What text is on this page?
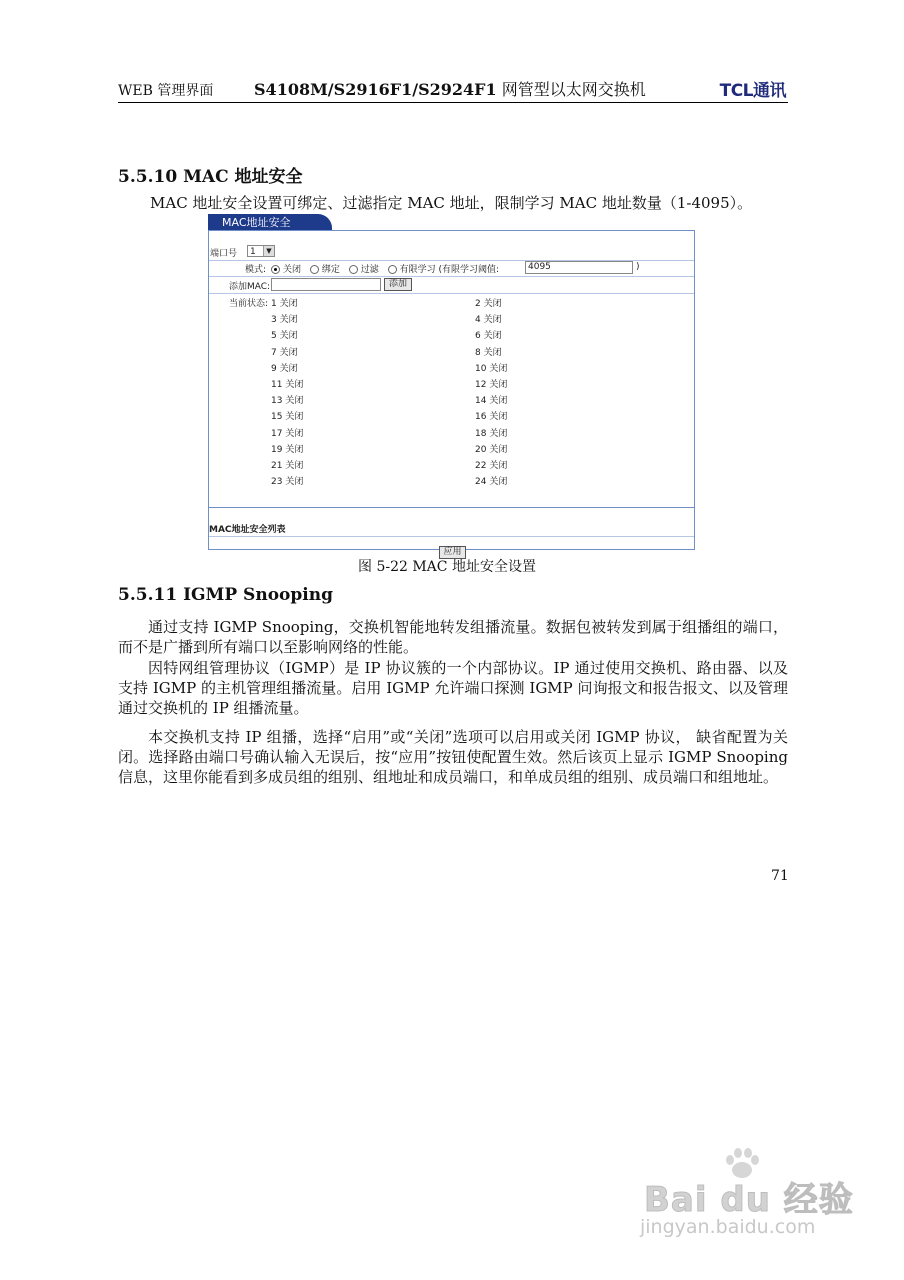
WEB 管理界面	S4108M/S2916F1/S2924F1 网管型以太网交换机	TCL通讯
5.5.10 MAC 地址安全

MAC 地址安全设置可绑定、过滤指定 MAC 地址，限制学习 MAC 地址数量（1-4095）。

MAC地址安全
端口号	1	▼
模式:	关闭 绑定 过滤 有限学习 (有限学习阈值:	4095	)
添加MAC:	添加
当前状态: 1 关闭	2 关闭
3 关闭	4 关闭
5 关闭	6 关闭
7 关闭	8 关闭
9 关闭	10 关闭
11 关闭	12 关闭
13 关闭	14 关闭
15 关闭	16 关闭
17 关闭	18 关闭
19 关闭	20 关闭
21 关闭	22 关闭
23 关闭	24 关闭
MAC地址安全列表
应用
图 5-22 MAC 地址安全设置
5.5.11 IGMP Snooping

通过支持 IGMP Snooping，交换机智能地转发组播流量。数据包被转发到属于组播组的端口，而不是广播到所有端口以至影响网络的性能。

因特网组管理协议（IGMP）是 IP 协议簇的一个内部协议。IP 通过使用交换机、路由器、以及支持 IGMP 的主机管理组播流量。启用 IGMP 允许端口探测 IGMP 问询报文和报告报文、以及管理通过交换机的 IP 组播流量。

本交换机支持 IP 组播，选择“启用”或“关闭”选项可以启用或关闭 IGMP 协议， 缺省配置为关闭。选择路由端口号确认输入无误后，按“应用”按钮使配置生效。然后该页上显示 IGMP Snooping 信息，这里你能看到多成员组的组别、组地址和成员端口，和单成员组的组别、成员端口和组地址。

71
Bai du 经验
jingyan.baidu.com
